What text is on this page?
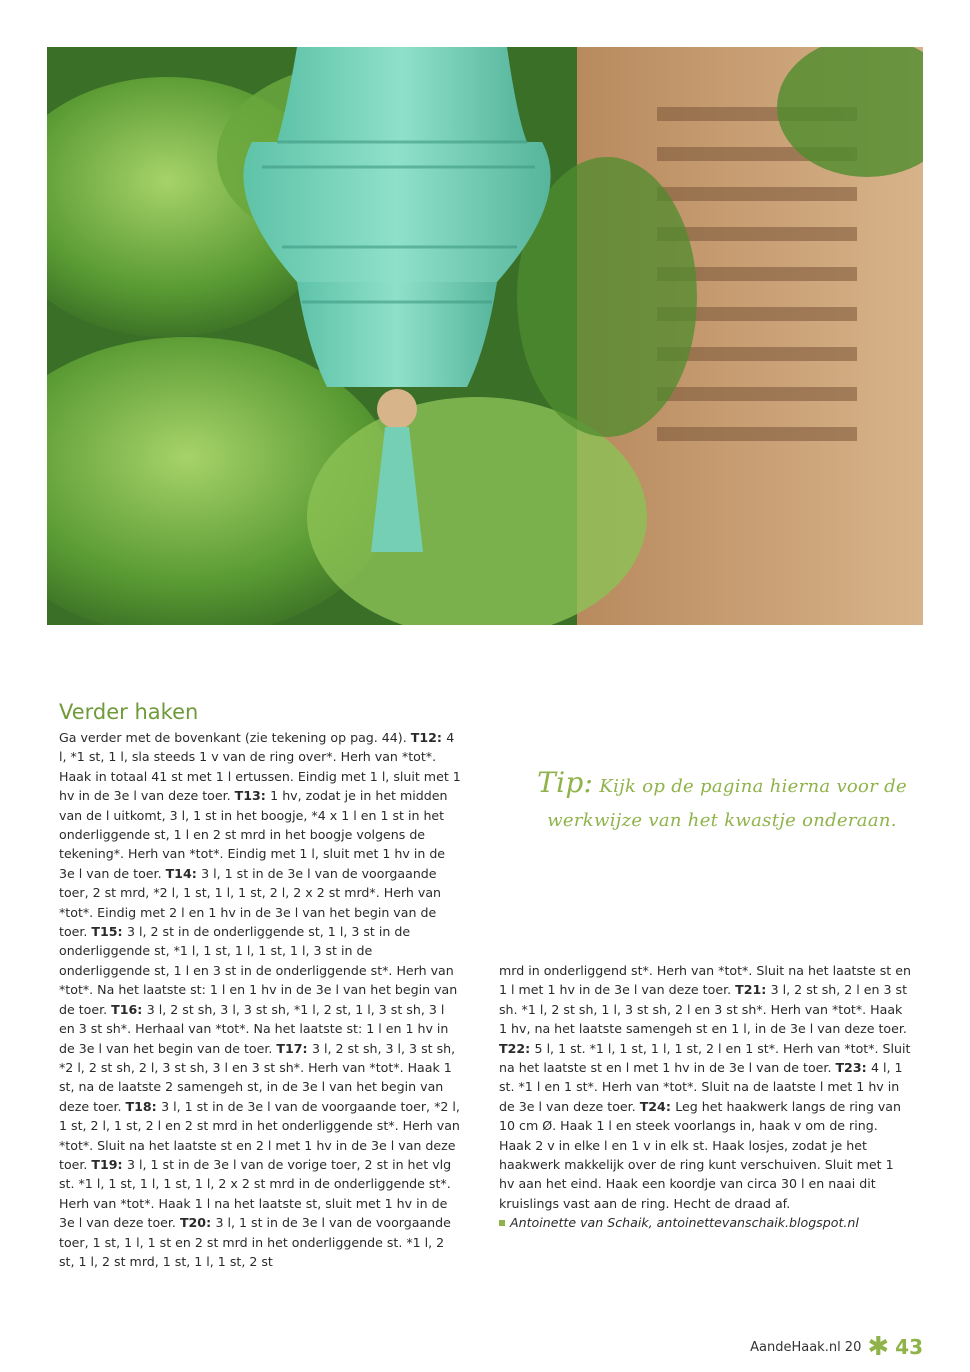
Verder haken

Ga verder met de bovenkant (zie tekening op pag. 44). T12: 4 l, *1 st, 1 l, sla steeds 1 v van de ring over*. Herh van *tot*. Haak in totaal 41 st met 1 l ertussen. Eindig met 1 l, sluit met 1 hv in de 3e l van deze toer. T13: 1 hv, zodat je in het midden van de l uitkomt, 3 l, 1 st in het boogje, *4 x 1 l en 1 st in het onderliggende st, 1 l en 2 st mrd in het boogje volgens de tekening*. Herh van *tot*. Eindig met 1 l, sluit met 1 hv in de 3e l van de toer. T14: 3 l, 1 st in de 3e l van de voorgaande toer, 2 st mrd, *2 l, 1 st, 1 l, 1 st, 2 l, 2 x 2 st mrd*. Herh van *tot*. Eindig met 2 l en 1 hv in de 3e l van het begin van de toer. T15: 3 l, 2 st in de onderliggende st, 1 l, 3 st in de onderliggende st, *1 l, 1 st, 1 l, 1 st, 1 l, 3 st in de onderliggende st, 1 l en 3 st in de onderliggende st*. Herh van *tot*. Na het laatste st: 1 l en 1 hv in de 3e l van het begin van de toer. T16: 3 l, 2 st sh, 3 l, 3 st sh, *1 l, 2 st, 1 l, 3 st sh, 3 l en 3 st sh*. Herhaal van *tot*. Na het laatste st: 1 l en 1 hv in de 3e l van het begin van de toer. T17: 3 l, 2 st sh, 3 l, 3 st sh, *2 l, 2 st sh, 2 l, 3 st sh, 3 l en 3 st sh*. Herh van *tot*. Haak 1 st, na de laatste 2 samengeh st, in de 3e l van het begin van deze toer. T18: 3 l, 1 st in de 3e l van de voorgaande toer, *2 l, 1 st, 2 l, 1 st, 2 l en 2 st mrd in het onderliggende st*. Herh van *tot*. Sluit na het laatste st en 2 l met 1 hv in de 3e l van deze toer. T19: 3 l, 1 st in de 3e l van de vorige toer, 2 st in het vlg st. *1 l, 1 st, 1 l, 1 st, 1 l, 2 x 2 st mrd in de onderliggende st*. Herh van *tot*. Haak 1 l na het laatste st, sluit met 1 hv in de 3e l van deze toer. T20: 3 l, 1 st in de 3e l van de voorgaande toer, 1 st, 1 l, 1 st en 2 st mrd in het onderliggende st. *1 l, 2 st, 1 l, 2 st mrd, 1 st, 1 l, 1 st, 2 st

Tip: Kijk op de pagina hierna voor de werkwijze van het kwastje onderaan.

mrd in onderliggend st*. Herh van *tot*. Sluit na het laatste st en 1 l met 1 hv in de 3e l van deze toer. T21: 3 l, 2 st sh, 2 l en 3 st sh. *1 l, 2 st sh, 1 l, 3 st sh, 2 l en 3 st sh*. Herh van *tot*. Haak 1 hv, na het laatste samengeh st en 1 l, in de 3e l van deze toer. T22: 5 l, 1 st. *1 l, 1 st, 1 l, 1 st, 2 l en 1 st*. Herh van *tot*. Sluit na het laatste st en l met 1 hv in de 3e l van de toer. T23: 4 l, 1 st. *1 l en 1 st*. Herh van *tot*. Sluit na de laatste l met 1 hv in de 3e l van deze toer. T24: Leg het haakwerk langs de ring van 10 cm Ø. Haak 1 l en steek voorlangs in, haak v om de ring. Haak 2 v in elke l en 1 v in elk st. Haak losjes, zodat je het haakwerk makkelijk over de ring kunt verschuiven. Sluit met 1 hv aan het eind. Haak een koordje van circa 30 l en naai dit kruislings vast aan de ring. Hecht de draad af.

Antoinette van Schaik, antoinettevanschaik.blogspot.nl

AandeHaak.nl 20 ✱ 43
